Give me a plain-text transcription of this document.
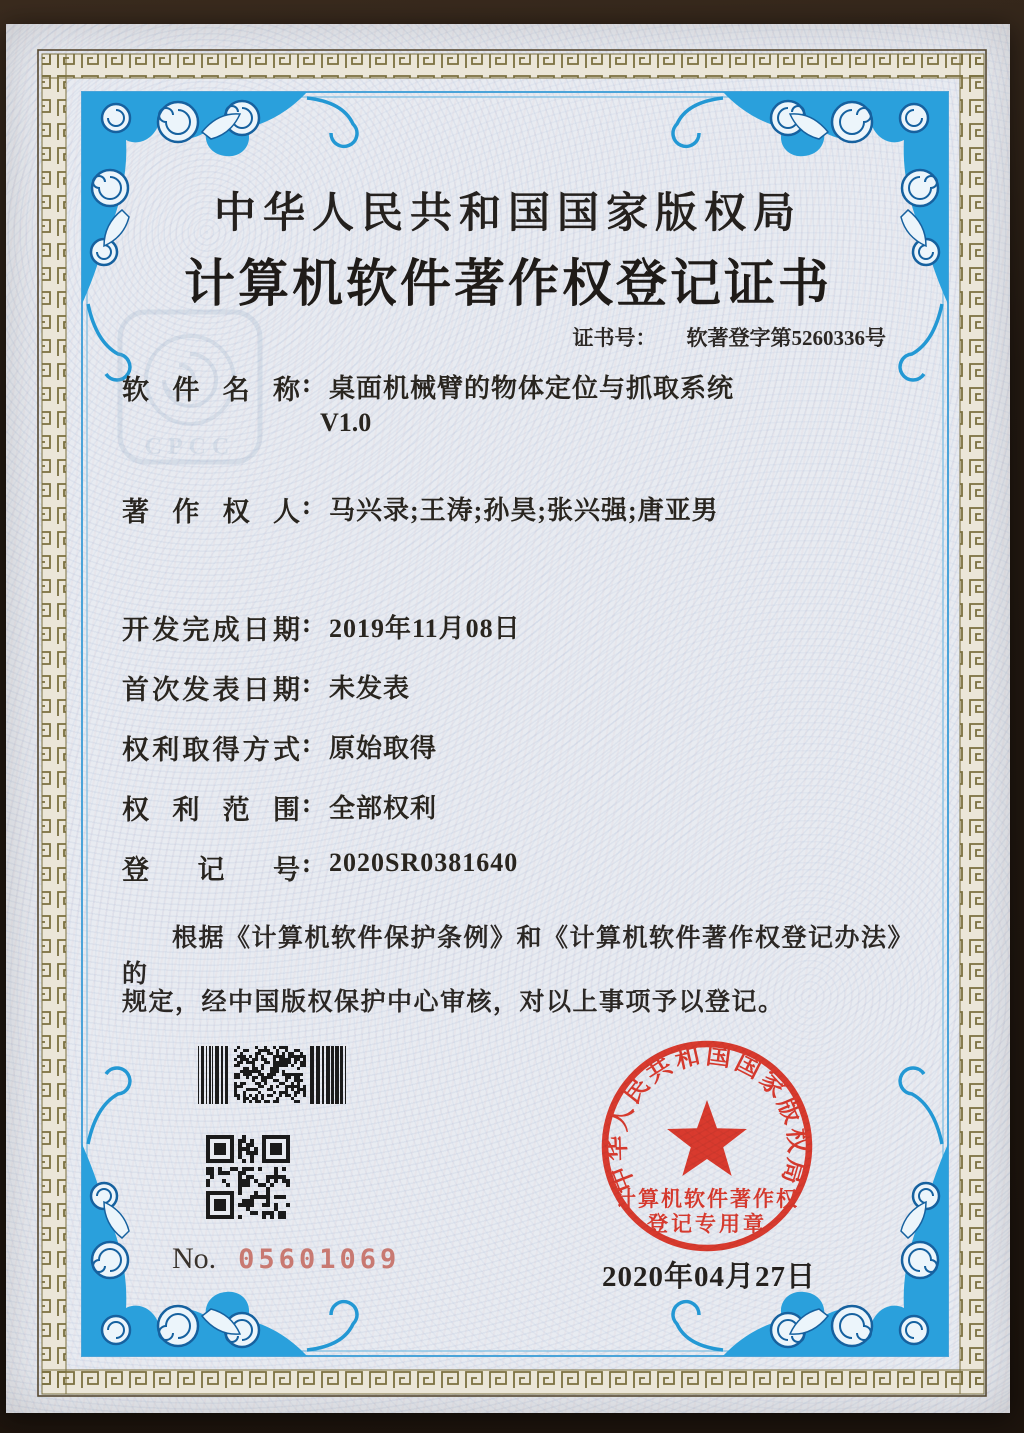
CPCC
中华人民共和国国家版权局
计算机软件著作权登记证书
证书号： 软著登字第5260336号
软件名称 : 桌面机械臂的物体定位与抓取系统
V1.0
著作权人 : 马兴录;王涛;孙昊;张兴强;唐亚男
开发完成日期 : 2019年11月08日
首次发表日期 : 未发表
权利取得方式 : 原始取得
权利范围 : 全部权利
登记号 : 2020SR0381640
根据《计算机软件保护条例》和《计算机软件著作权登记办法》的
规定，经中国版权保护中心审核，对以上事项予以登记。
No. 05601069
中华人民共和国国家版权局
计算机软件著作权
登记专用章
2020年04月27日
